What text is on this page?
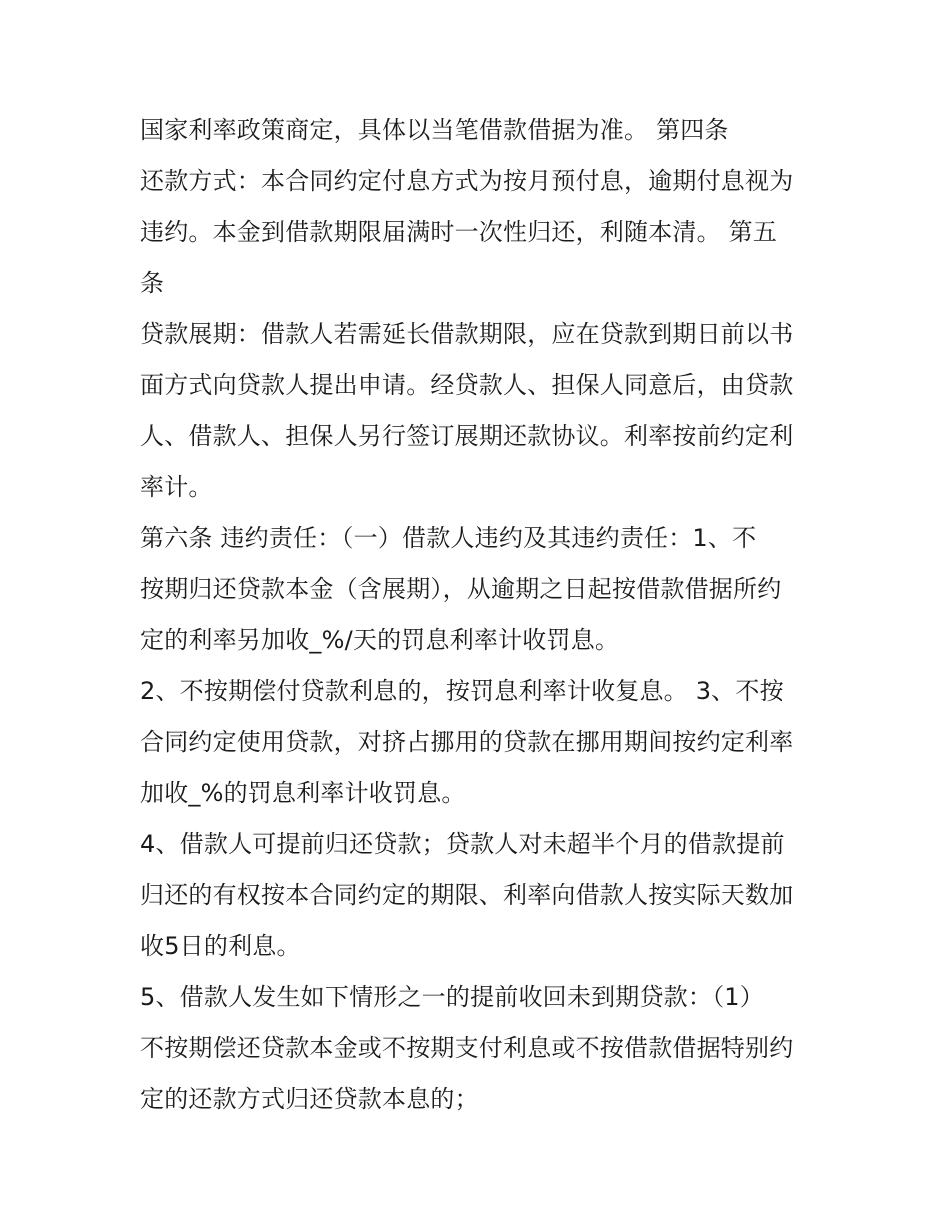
国家利率政策商定，具体以当笔借款借据为准。 第四条
还款方式：本合同约定付息方式为按月预付息，逾期付息视为
违约。本金到借款期限届满时一次性归还，利随本清。 第五
条
贷款展期：借款人若需延长借款期限，应在贷款到期日前以书
面方式向贷款人提出申请。经贷款人、担保人同意后，由贷款
人、借款人、担保人另行签订展期还款协议。利率按前约定利
率计。
第六条 违约责任：（一）借款人违约及其违约责任：1、不
按期归还贷款本金（含展期），从逾期之日起按借款借据所约
定的利率另加收_%/天的罚息利率计收罚息。
2、不按期偿付贷款利息的，按罚息利率计收复息。 3、不按
合同约定使用贷款，对挤占挪用的贷款在挪用期间按约定利率
加收_%的罚息利率计收罚息。
4、借款人可提前归还贷款；贷款人对未超半个月的借款提前
归还的有权按本合同约定的期限、利率向借款人按实际天数加
收5日的利息。
5、借款人发生如下情形之一的提前收回未到期贷款：（1）
不按期偿还贷款本金或不按期支付利息或不按借款借据特别约
定的还款方式归还贷款本息的；
